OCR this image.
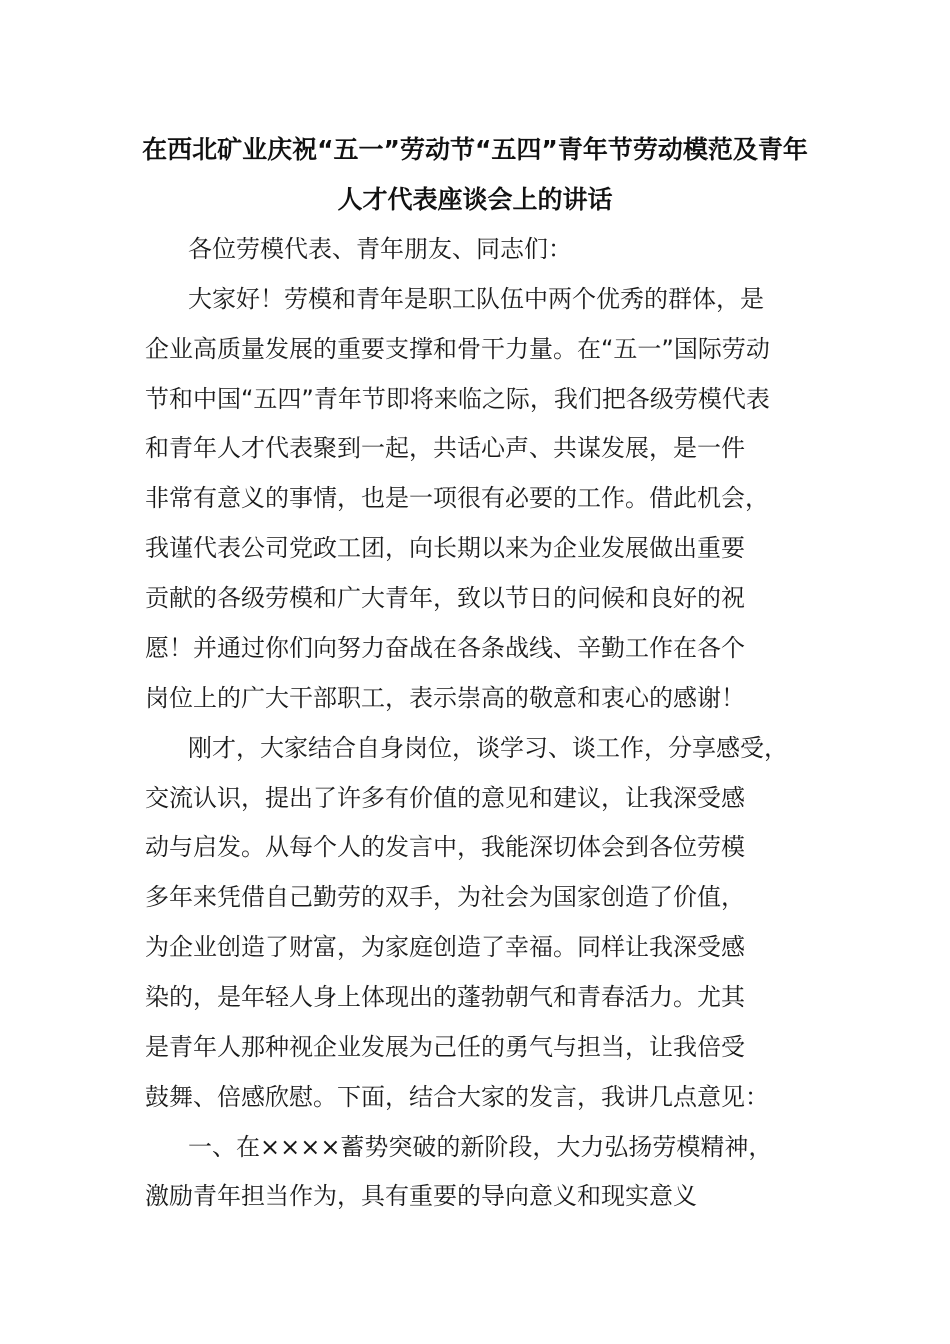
在西北矿业庆祝“五一”劳动节“五四”青年节劳动模范及青年
人才代表座谈会上的讲话
各位劳模代表、青年朋友、同志们：
大家好！劳模和青年是职工队伍中两个优秀的群体，是
企业高质量发展的重要支撑和骨干力量。在“五一”国际劳动
节和中国“五四”青年节即将来临之际，我们把各级劳模代表
和青年人才代表聚到一起，共话心声、共谋发展，是一件
非常有意义的事情，也是一项很有必要的工作。借此机会，
我谨代表公司党政工团，向长期以来为企业发展做出重要
贡献的各级劳模和广大青年，致以节日的问候和良好的祝
愿！并通过你们向努力奋战在各条战线、辛勤工作在各个
岗位上的广大干部职工，表示崇高的敬意和衷心的感谢！
刚才，大家结合自身岗位，谈学习、谈工作，分享感受，
交流认识，提出了许多有价值的意见和建议，让我深受感
动与启发。从每个人的发言中，我能深切体会到各位劳模
多年来凭借自己勤劳的双手，为社会为国家创造了价值，
为企业创造了财富，为家庭创造了幸福。同样让我深受感
染的，是年轻人身上体现出的蓬勃朝气和青春活力。尤其
是青年人那种视企业发展为己任的勇气与担当，让我倍受
鼓舞、倍感欣慰。下面，结合大家的发言，我讲几点意见：
一、在××××蓄势突破的新阶段，大力弘扬劳模精神，
激励青年担当作为，具有重要的导向意义和现实意义
